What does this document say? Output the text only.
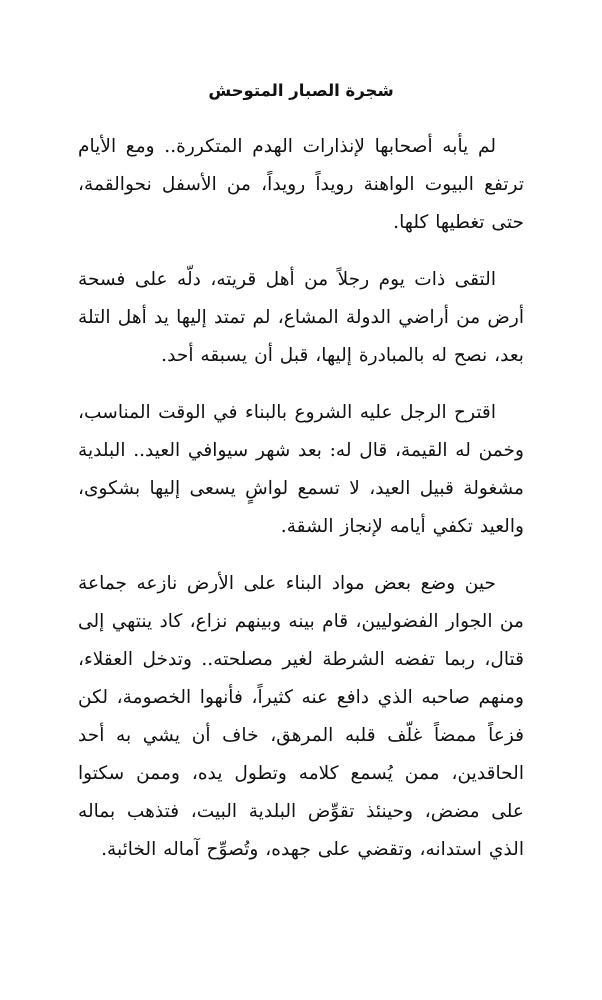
شجرة الصبار المتوحش

لم يأبه أصحابها لإنذارات الهدم المتكررة.. ومع الأيام ترتفع البيوت الواهنة رويداً رويداً، من الأسفل نحوالقمة، حتى تغطيها كلها.

التقى ذات يوم رجلاً من أهل قريته، دلّه على فسحة أرض من أراضي الدولة المشاع، لم تمتد إليها يد أهل التلة بعد، نصح له بالمبادرة إليها، قبل أن يسبقه أحد.

اقترح الرجل عليه الشروع بالبناء في الوقت المناسب، وخمن له القيمة، قال له: بعد شهر سيوافي العيد.. البلدية مشغولة قبيل العيد، لا تسمع لواشٍ يسعى إليها بشكوى، والعيد تكفي أيامه لإنجاز الشقة.

حين وضع بعض مواد البناء على الأرض نازعه جماعة من الجوار الفضوليين، قام بينه وبينهم نزاع، كاد ينتهي إلى قتال، ربما تفضه الشرطة لغير مصلحته.. وتدخل العقلاء، ومنهم صاحبه الذي دافع عنه كثيراً، فأنهوا الخصومة، لكن فزعاً ممضاً غلّف قلبه المرهق، خاف أن يشي به أحد الحاقدين، ممن يُسمع كلامه وتطول يده، وممن سكتوا على مضض، وحينئذ تقوِّض البلدية البيت، فتذهب بماله الذي استدانه، وتقضي على جهده، وتُصوِّح آماله الخائبة.
